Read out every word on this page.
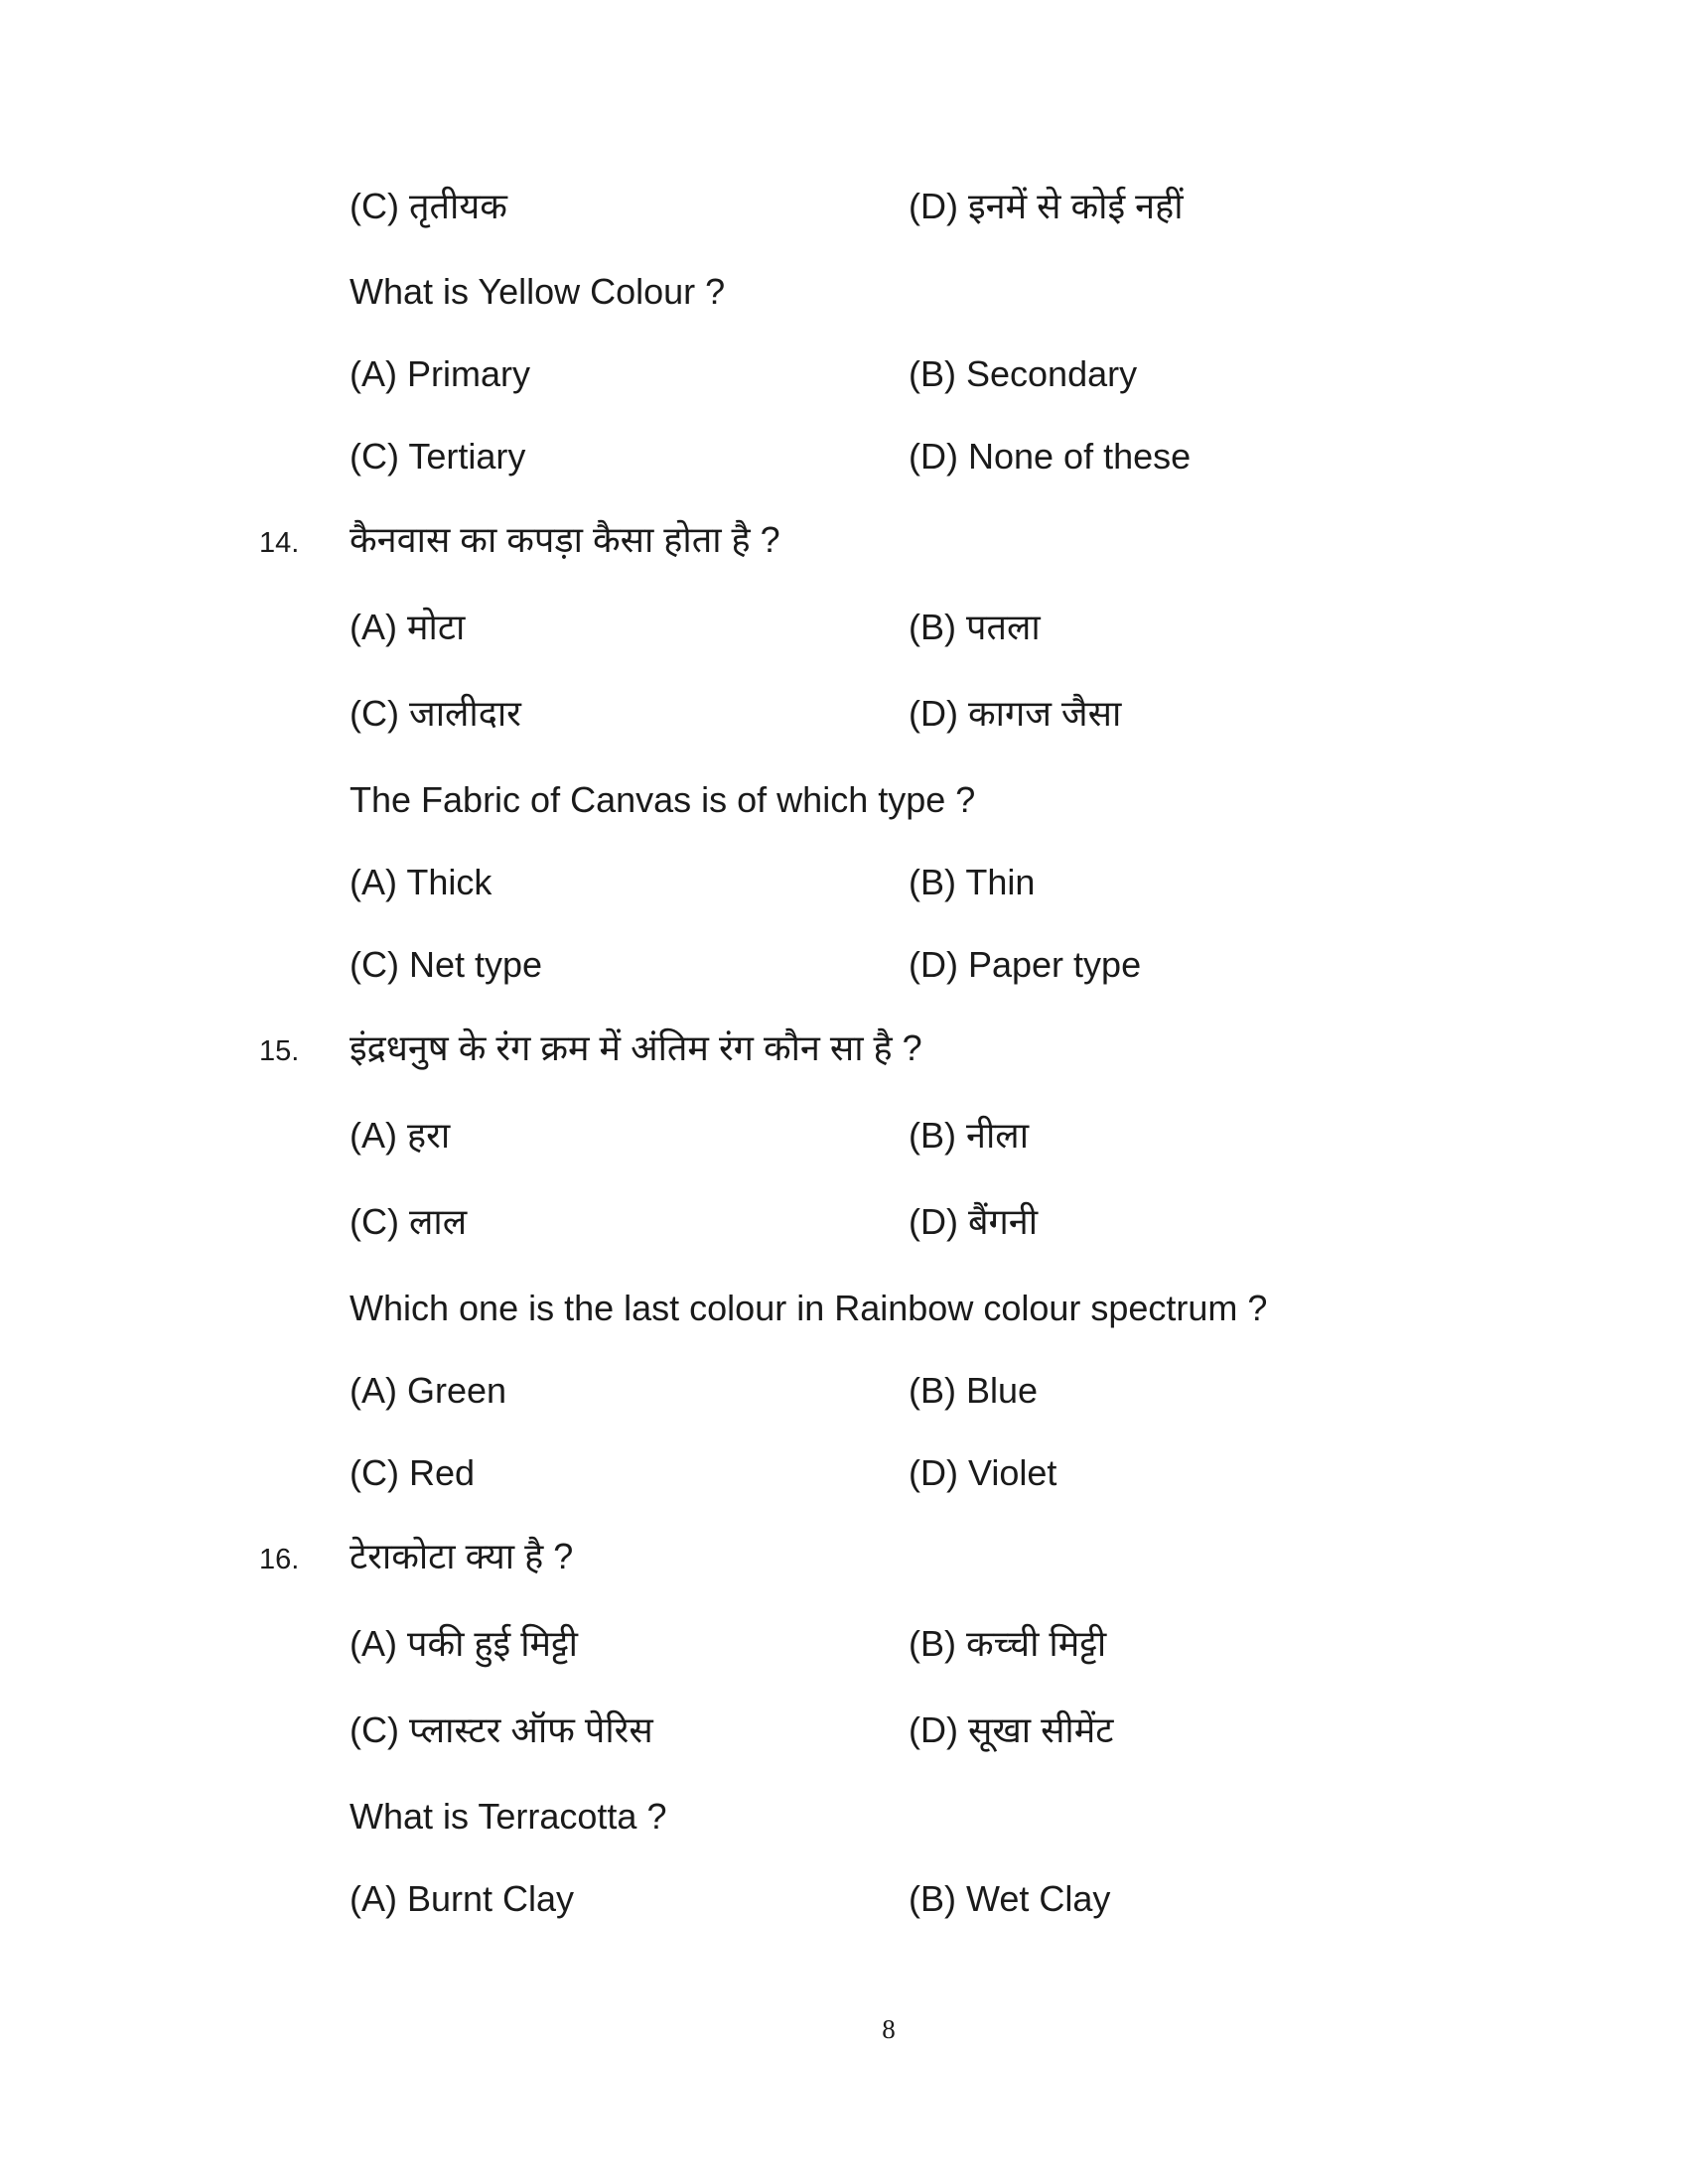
(C) तृतीयक	(D) इनमें से कोई नहीं
What is Yellow Colour ?
(A) Primary	(B) Secondary
(C) Tertiary	(D) None of these
14. कैनवास का कपड़ा कैसा होता है ?
(A) मोटा	(B) पतला
(C) जालीदार	(D) कागज जैसा
The Fabric of Canvas is of which type ?
(A) Thick	(B) Thin
(C) Net type	(D) Paper type
15. इंद्रधनुष के रंग क्रम में अंतिम रंग कौन सा है ?
(A) हरा	(B) नीला
(C) लाल	(D) बैंगनी
Which one is the last colour in Rainbow colour spectrum ?
(A) Green	(B) Blue
(C) Red	(D) Violet
16. टेराकोटा क्या है ?
(A) पकी हुई मिट्टी	(B) कच्ची मिट्टी
(C) प्लास्टर ऑफ पेरिस	(D) सूखा सीमेंट
What is Terracotta ?
(A) Burnt Clay	(B) Wet Clay
8
